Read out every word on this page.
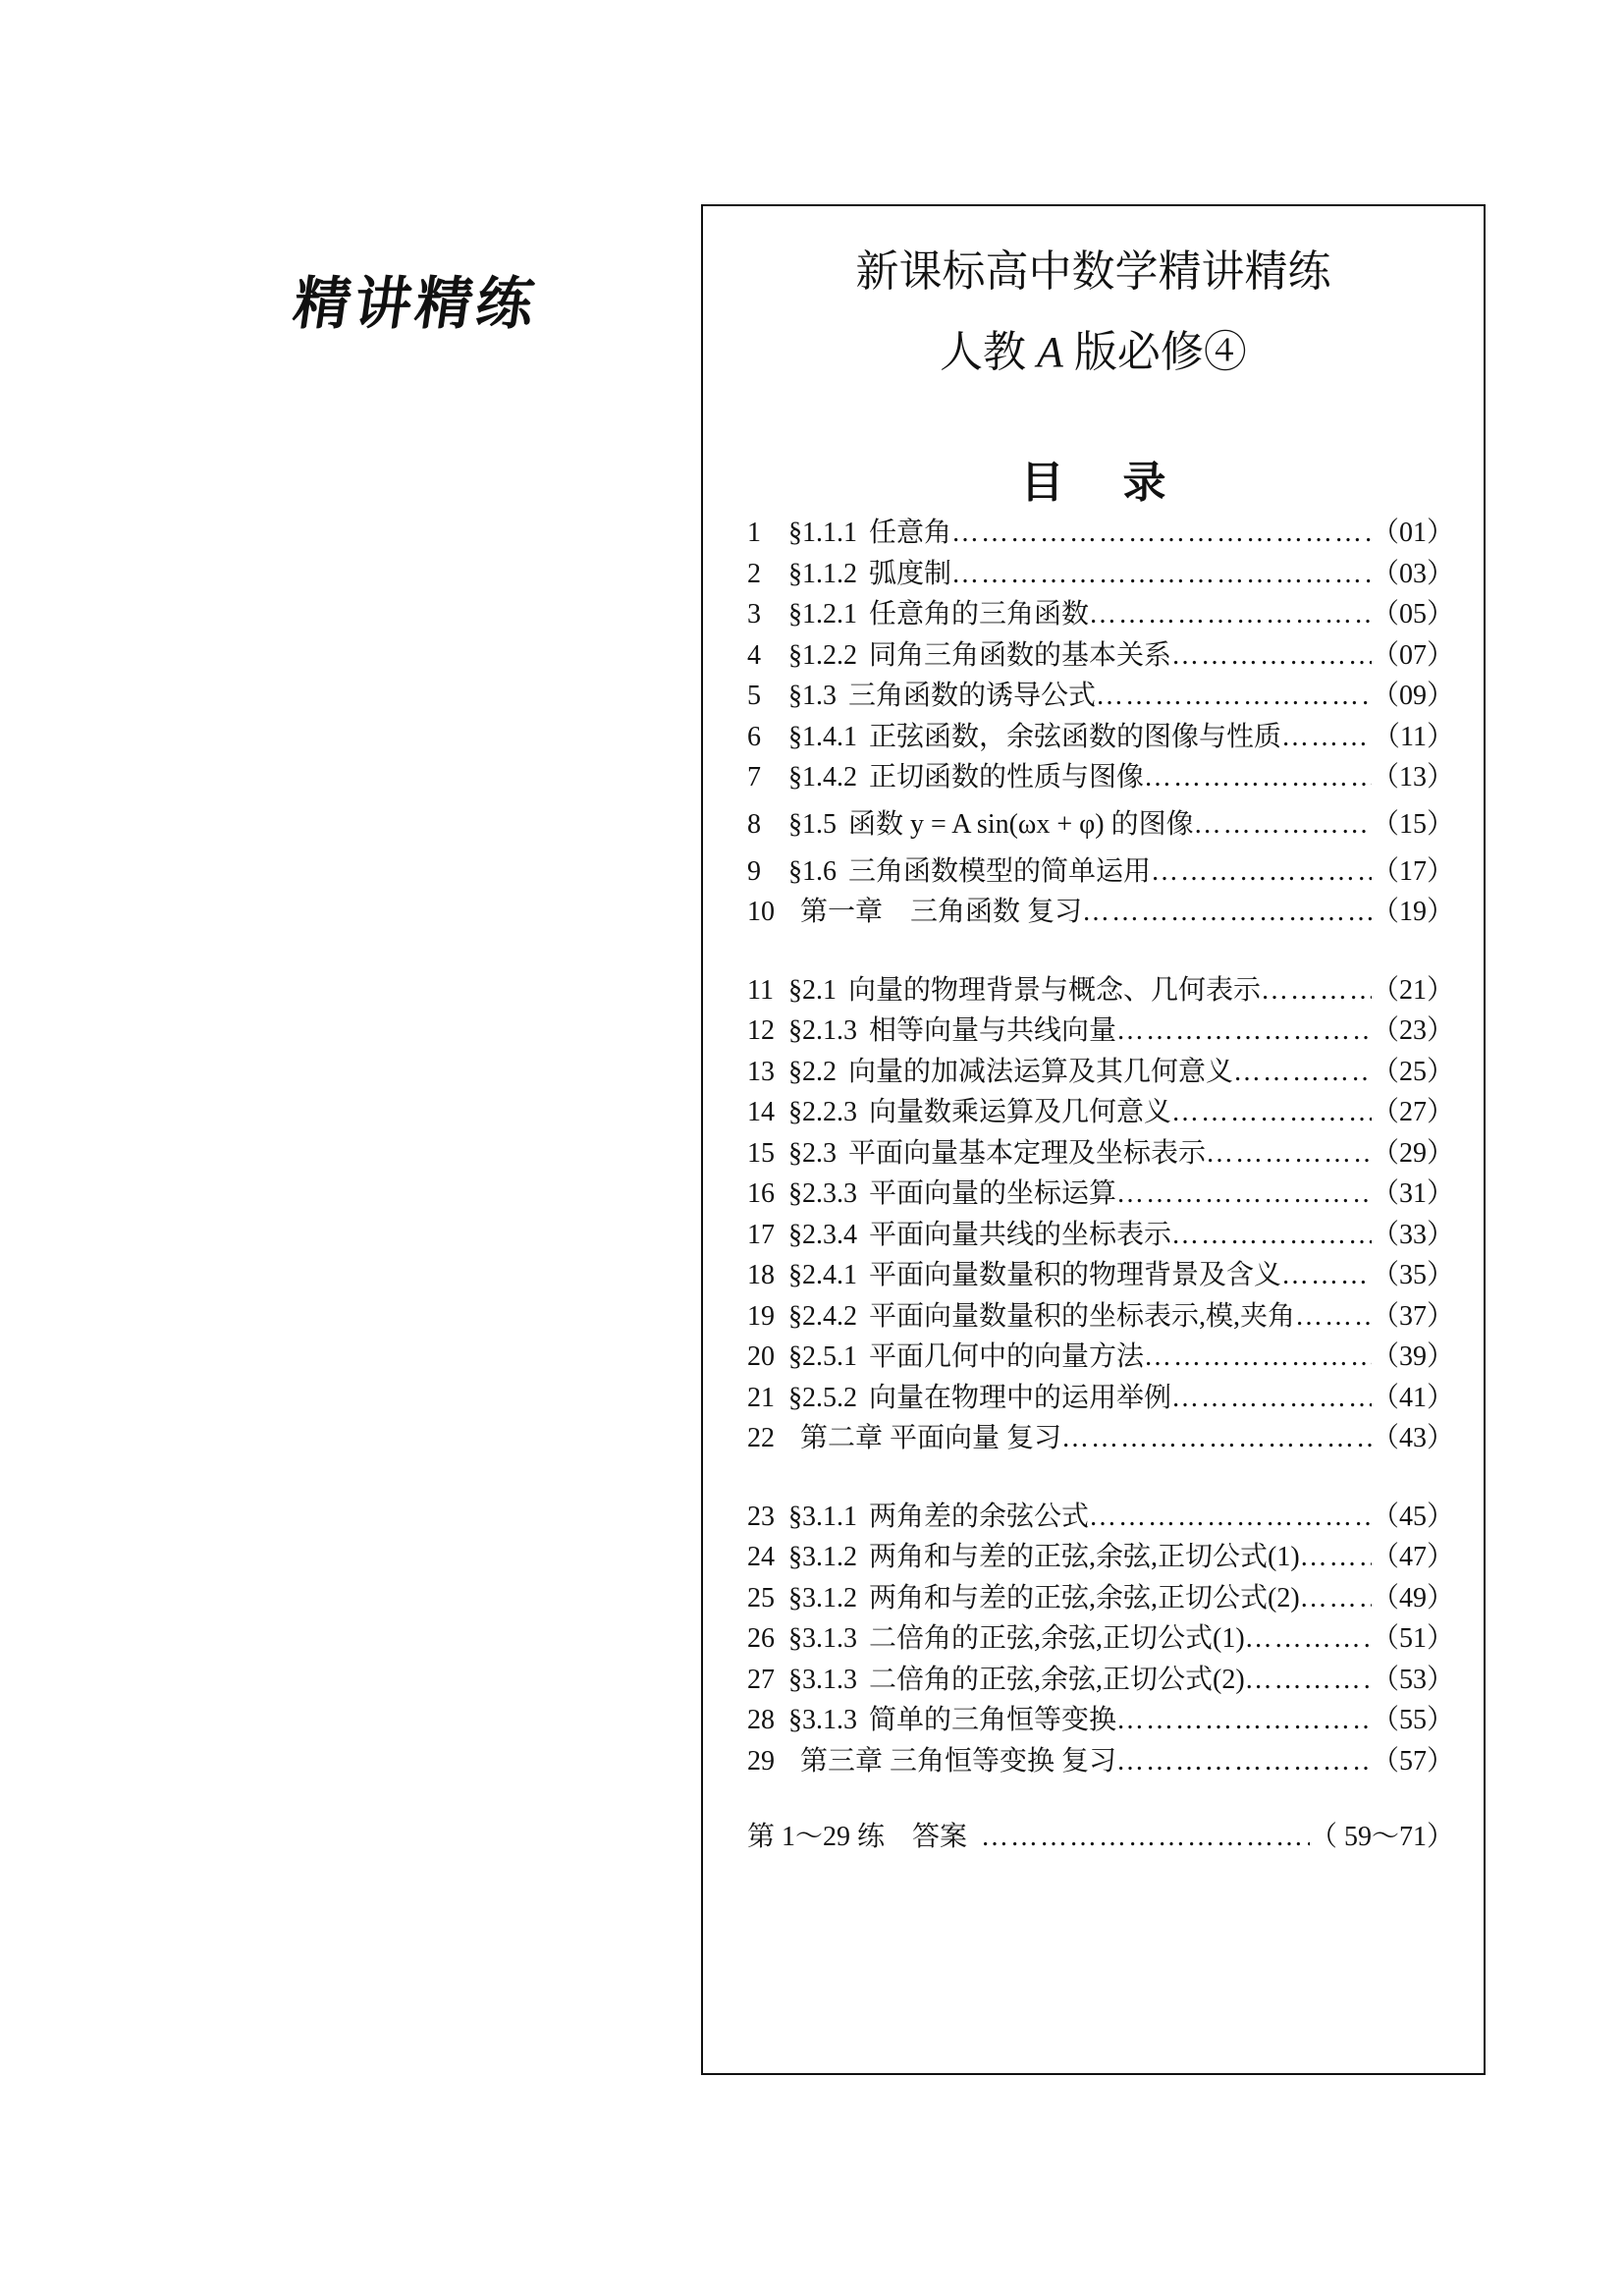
精讲精练	新课标高中数学精讲精练
人教 A 版必修④
目录
1	§1.1.1 任意角 …………………………………………………………………………………………………………	（01）
2	§1.1.2 弧度制 …………………………………………………………………………………………………………	（03）
3	§1.2.1 任意角的三角函数 …………………………………………………………………………………………………………	（05）
4	§1.2.2 同角三角函数的基本关系 …………………………………………………………………………………………………………	（07）
5	§1.3 三角函数的诱导公式 …………………………………………………………………………………………………………	（09）
6	§1.4.1 正弦函数，余弦函数的图像与性质 …………………………………………………………………………………………………………	（11）
7	§1.4.2 正切函数的性质与图像 …………………………………………………………………………………………………………	（13）
8	§1.5 函数 y = A sin(ωx + φ) 的图像 …………………………………………………………………………………………………………	（15）
9	§1.6 三角函数模型的简单运用 …………………………………………………………………………………………………………	（17）
10 第一章　三角函数 复习 …………………………………………………………………………………………………………	（19）
11 §2.1 向量的物理背景与概念、几何表示 …………………………………………………………………………………………………………	（21）
12 §2.1.3 相等向量与共线向量 …………………………………………………………………………………………………………	（23）
13 §2.2 向量的加减法运算及其几何意义 …………………………………………………………………………………………………………	（25）
14 §2.2.3 向量数乘运算及几何意义 …………………………………………………………………………………………………………	（27）
15 §2.3 平面向量基本定理及坐标表示 …………………………………………………………………………………………………………	（29）
16 §2.3.3 平面向量的坐标运算 …………………………………………………………………………………………………………	（31）
17 §2.3.4 平面向量共线的坐标表示 …………………………………………………………………………………………………………	（33）
18 §2.4.1 平面向量数量积的物理背景及含义 …………………………………………………………………………………………………………	（35）
19 §2.4.2 平面向量数量积的坐标表示,模,夹角 …………………………………………………………………………………………………………	（37）
20 §2.5.1 平面几何中的向量方法 …………………………………………………………………………………………………………	（39）
21 §2.5.2 向量在物理中的运用举例 …………………………………………………………………………………………………………	（41）
22 第二章 平面向量 复习 …………………………………………………………………………………………………………	（43）
23 §3.1.1 两角差的余弦公式 …………………………………………………………………………………………………………	（45）
24 §3.1.2 两角和与差的正弦,余弦,正切公式(1) …………………………………………………………………………………………………………	（47）
25 §3.1.2 两角和与差的正弦,余弦,正切公式(2) …………………………………………………………………………………………………………	（49）
26 §3.1.3 二倍角的正弦,余弦,正切公式(1) …………………………………………………………………………………………………………	（51）
27 §3.1.3 二倍角的正弦,余弦,正切公式(2) …………………………………………………………………………………………………………	（53）
28 §3.1.3 简单的三角恒等变换 …………………………………………………………………………………………………………	（55）
29 第三章 三角恒等变换 复习 …………………………………………………………………………………………………………	（57）
第 1～29 练　答案 …………………………………………………………………………………………………………	（ 59～71）
